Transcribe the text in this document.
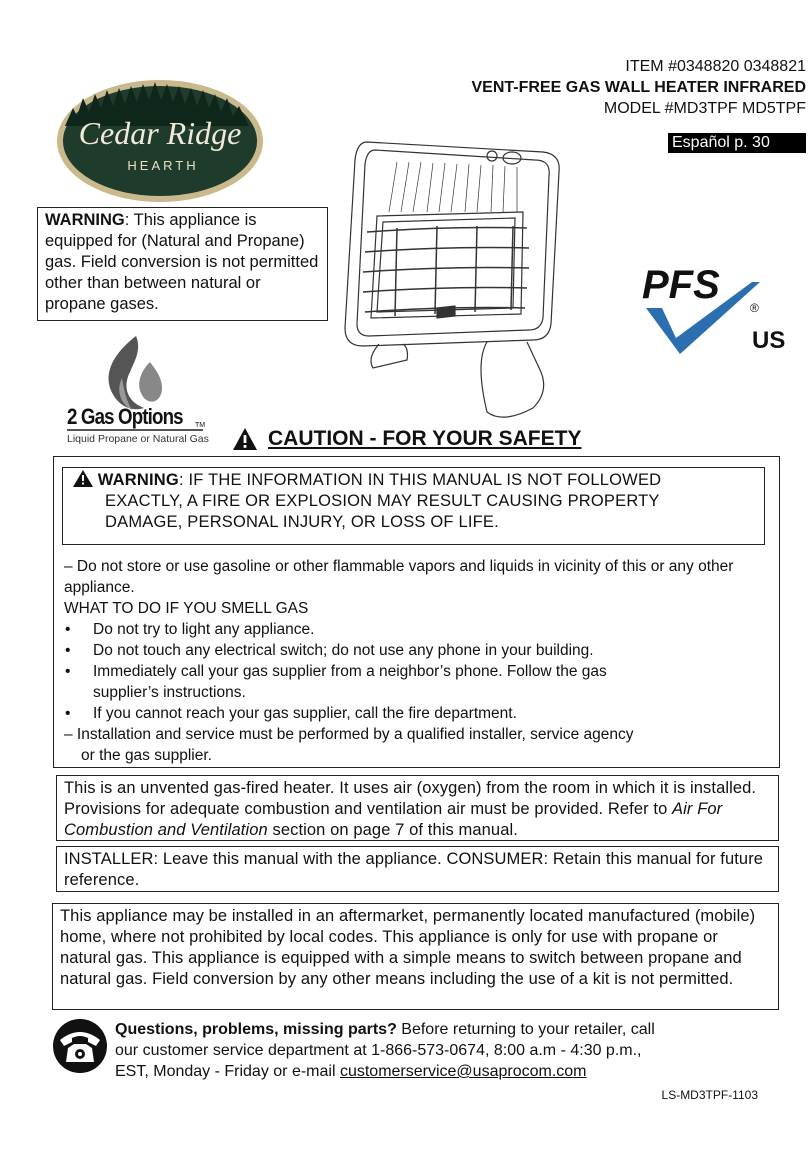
Cedar Ridge
HEARTH
ITEM #0348820 0348821
VENT-FREE GAS WALL HEATER INFRARED
MODEL #MD3TPF MD5TPF
Español p. 30
WARNING: This appliance is equipped for (Natural and Propane) gas. Field conversion is not permitted other than between natural or propane gases.
2 Gas Options
Liquid Propane or Natural Gas
TM
PFS
®
US
CAUTION - FOR YOUR SAFETY
WARNING: IF THE INFORMATION IN THIS MANUAL IS NOT FOLLOWED
EXACTLY, A FIRE OR EXPLOSION MAY RESULT CAUSING PROPERTY
DAMAGE, PERSONAL INJURY, OR LOSS OF LIFE.
– Do not store or use gasoline or other flammable vapors and liquids in vicinity of this or any other appliance.
WHAT TO DO IF YOU SMELL GAS
• Do not try to light any appliance.
• Do not touch any electrical switch; do not use any phone in your building.
• Immediately call your gas supplier from a neighbor’s phone. Follow the gas
supplier’s instructions.
• If you cannot reach your gas supplier, call the fire department.
– Installation and service must be performed by a qualified installer, service agency
or the gas supplier.
This is an unvented gas-fired heater. It uses air (oxygen) from the room in which it is installed. Provisions for adequate combustion and ventilation air must be provided. Refer to Air For Combustion and Ventilation section on page 7 of this manual.
INSTALLER: Leave this manual with the appliance. CONSUMER: Retain this manual for future reference.
This appliance may be installed in an aftermarket, permanently located manufactured (mobile) home, where not prohibited by local codes. This appliance is only for use with propane or natural gas. This appliance is equipped with a simple means to switch between propane and natural gas. Field conversion by any other means including the use of a kit is not permitted.
Questions, problems, missing parts? Before returning to your retailer, call
our customer service department at 1-866-573-0674, 8:00 a.m - 4:30 p.m.,
EST, Monday - Friday or e-mail customerservice@usaprocom.com
LS-MD3TPF-1103
